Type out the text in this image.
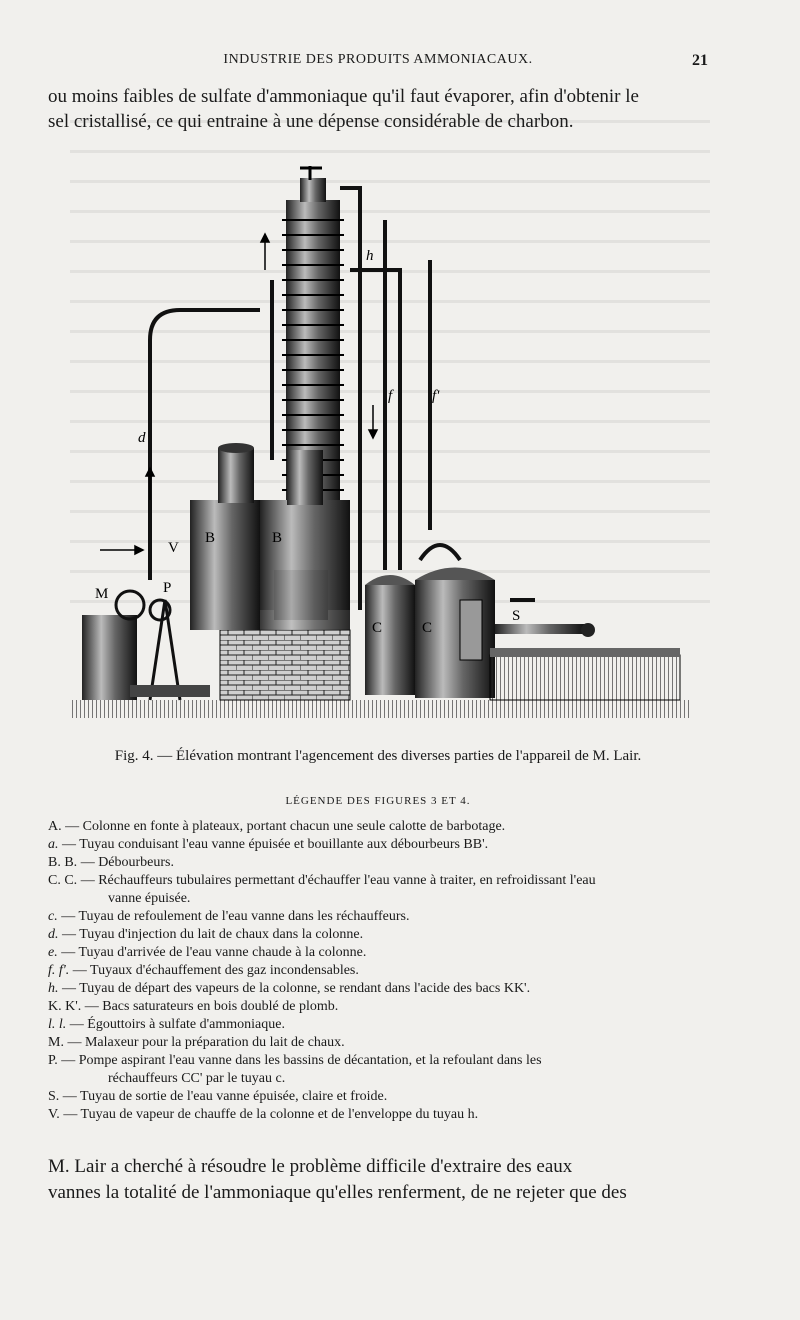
INDUSTRIE DES PRODUITS AMMONIACAUX.	21
ou moins faibles de sulfate d'ammoniaque qu'il faut évaporer, afin d'obtenir le
sel cristallisé, ce qui entraine à une dépense considérable de charbon.
M	P
V
B	B
C	C
S
d
f	f'
h
Fig. 4. — Élévation montrant l'agencement des diverses parties de l'appareil de M. Lair.
LÉGENDE DES FIGURES 3 ET 4.

A. — Colonne en fonte à plateaux, portant chacun une seule calotte de barbotage.

a. — Tuyau conduisant l'eau vanne épuisée et bouillante aux débourbeurs BB'.

B. B. — Débourbeurs.

C. C. — Réchauffeurs tubulaires permettant d'échauffer l'eau vanne à traiter, en refroidissant l'eau
vanne épuisée.

c. — Tuyau de refoulement de l'eau vanne dans les réchauffeurs.

d. — Tuyau d'injection du lait de chaux dans la colonne.

e. — Tuyau d'arrivée de l'eau vanne chaude à la colonne.

f. f'. — Tuyaux d'échauffement des gaz incondensables.

h. — Tuyau de départ des vapeurs de la colonne, se rendant dans l'acide des bacs KK'.

K. K'. — Bacs saturateurs en bois doublé de plomb.

l. l. — Égouttoirs à sulfate d'ammoniaque.

M. — Malaxeur pour la préparation du lait de chaux.

P. — Pompe aspirant l'eau vanne dans les bassins de décantation, et la refoulant dans les
réchauffeurs CC' par le tuyau c.

S. — Tuyau de sortie de l'eau vanne épuisée, claire et froide.

V. — Tuyau de vapeur de chauffe de la colonne et de l'enveloppe du tuyau h.

M. Lair a cherché à résoudre le problème difficile d'extraire des eaux
vannes la totalité de l'ammoniaque qu'elles renferment, de ne rejeter que des
